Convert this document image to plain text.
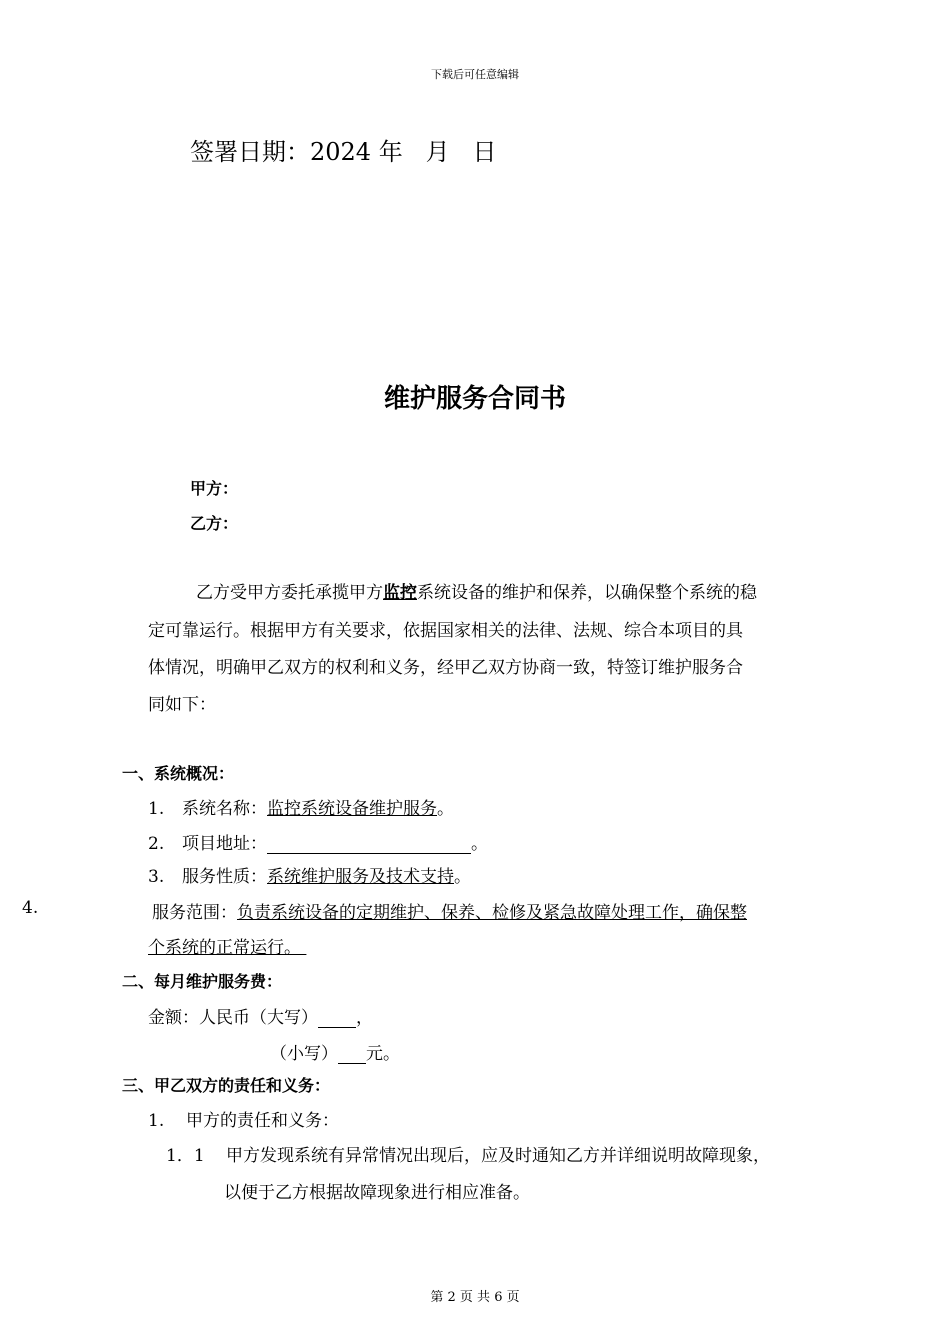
下载后可任意编辑
签署日期：2024 年   月   日
维护服务合同书
甲方：
乙方：
乙方受甲方委托承揽甲方监控系统设备的维护和保养，以确保整个系统的稳
定可靠运行。根据甲方有关要求，依据国家相关的法律、法规、综合本项目的具
体情况，明确甲乙双方的权利和义务，经甲乙双方协商一致，特签订维护服务合
同如下：
一、系统概况：
1. 系统名称：监控系统设备维护服务。
2. 项目地址：	。
3. 服务性质：系统维护服务及技术支持。
4.	服务范围：负责系统设备的定期维护、保养、检修及紧急故障处理工作，确保整
个系统的正常运行。
二、每月维护服务费：
金额：人民币（大写） ，
（小写） 元。
三、甲乙双方的责任和义务：
1. 甲方的责任和义务：
1．1 甲方发现系统有异常情况出现后，应及时通知乙方并详细说明故障现象，
以便于乙方根据故障现象进行相应准备。
第 2 页 共 6 页
